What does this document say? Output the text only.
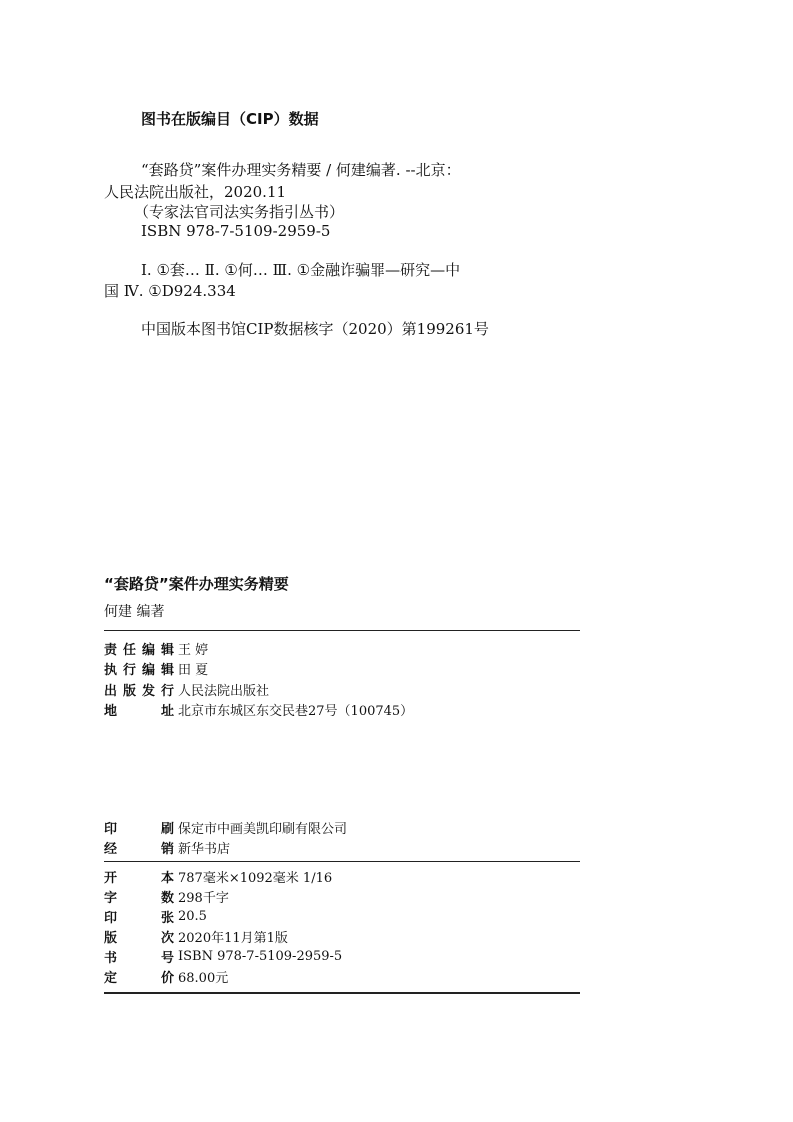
图书在版编目（CIP）数据
“套路贷”案件办理实务精要 / 何建编著. --北京：
人民法院出版社，2020.11
（专家法官司法实务指引丛书）
ISBN 978-7-5109-2959-5
Ⅰ. ①套… Ⅱ. ①何… Ⅲ. ①金融诈骗罪—研究—中
国 Ⅳ. ①D924.334
中国版本图书馆CIP数据核字（2020）第199261号
“套路贷”案件办理实务精要
何建 编著
责 任 编 辑 王 婷
执 行 编 辑 田 夏
出 版 发 行 人民法院出版社
地	址 北京市东城区东交民巷27号（100745）
印	刷 保定市中画美凯印刷有限公司
经	销 新华书店
开	本 787毫米×1092毫米 1/16
字	数 298千字
印	张 20.5
版	次 2020年11月第1版
书	号 ISBN 978-7-5109-2959-5
定	价 68.00元
